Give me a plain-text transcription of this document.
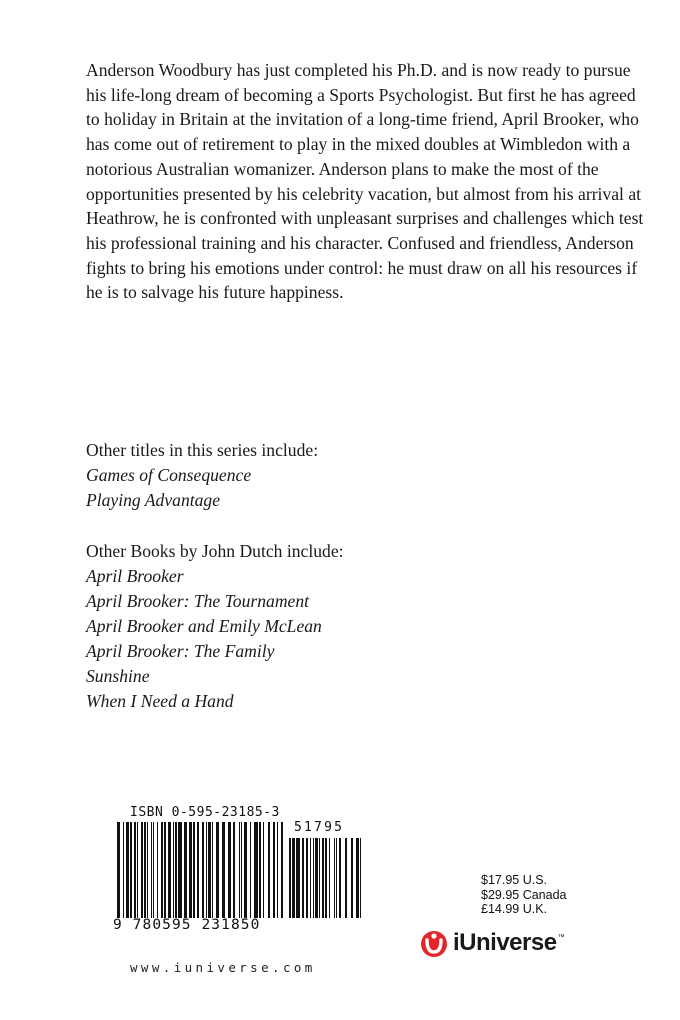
Anderson Woodbury has just completed his Ph.D. and is now ready to pursue his life-long dream of becoming a Sports Psychologist. But first he has agreed to holiday in Britain at the invitation of a long-time friend, April Brooker, who has come out of retirement to play in the mixed doubles at Wimbledon with a notorious Australian womanizer. Anderson plans to make the most of the opportunities presented by his celebrity vacation, but almost from his arrival at Heathrow, he is confronted with unpleasant surprises and challenges which test his professional training and his character. Confused and friendless, Anderson fights to bring his emotions under control: he must draw on all his resources if he is to salvage his future happiness.

Other titles in this series include:
Games of Consequence
Playing Advantage
Other Books by John Dutch include:
April Brooker
April Brooker: The Tournament
April Brooker and Emily McLean
April Brooker: The Family
Sunshine
When I Need a Hand
ISBN 0-595-23185-3
51795
9 780595 231850
$17.95 U.S.
$29.95 Canada
£14.99 U.K.
iUniverse ™
www.iuniverse.com
